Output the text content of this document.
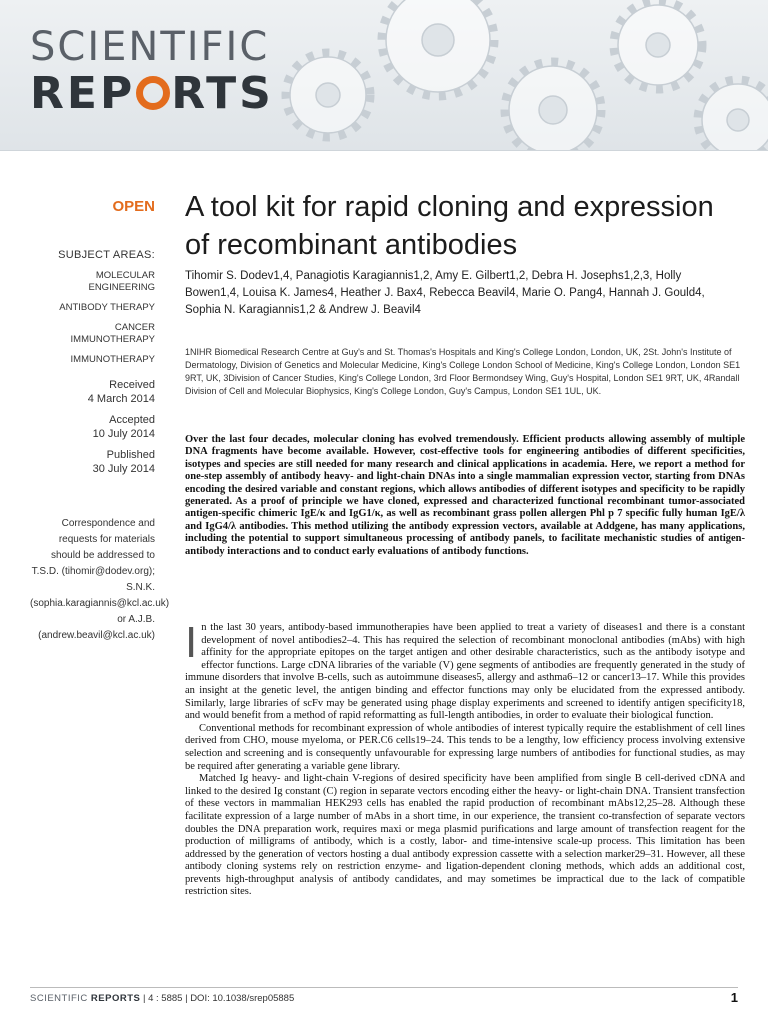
SCIENTIFIC
REP RTS
OPEN
SUBJECT AREAS:
MOLECULAR ENGINEERING
ANTIBODY THERAPY
CANCER IMMUNOTHERAPY
IMMUNOTHERAPY
Received
4 March 2014
Accepted
10 July 2014
Published
30 July 2014
Correspondence and requests for materials should be addressed to T.S.D. (tihomir@dodev.org); S.N.K. (sophia.karagiannis@kcl.ac.uk) or A.J.B. (andrew.beavil@kcl.ac.uk)
A tool kit for rapid cloning and expression of recombinant antibodies
Tihomir S. Dodev1,4, Panagiotis Karagiannis1,2, Amy E. Gilbert1,2, Debra H. Josephs1,2,3, Holly Bowen1,4, Louisa K. James4, Heather J. Bax4, Rebecca Beavil4, Marie O. Pang4, Hannah J. Gould4, Sophia N. Karagiannis1,2 & Andrew J. Beavil4
1NIHR Biomedical Research Centre at Guy's and St. Thomas's Hospitals and King's College London, London, UK, 2St. John's Institute of Dermatology, Division of Genetics and Molecular Medicine, King's College London School of Medicine, King's College London, London SE1 9RT, UK, 3Division of Cancer Studies, King's College London, 3rd Floor Bermondsey Wing, Guy's Hospital, London SE1 9RT, UK, 4Randall Division of Cell and Molecular Biophysics, King's College London, Guy's Campus, London SE1 1UL, UK.
Over the last four decades, molecular cloning has evolved tremendously. Efficient products allowing assembly of multiple DNA fragments have become available. However, cost-effective tools for engineering antibodies of different specificities, isotypes and species are still needed for many research and clinical applications in academia. Here, we report a method for one-step assembly of antibody heavy- and light-chain DNAs into a single mammalian expression vector, starting from DNAs encoding the desired variable and constant regions, which allows antibodies of different isotypes and specificity to be rapidly generated. As a proof of principle we have cloned, expressed and characterized functional recombinant tumor-associated antigen-specific chimeric IgE/κ and IgG1/κ, as well as recombinant grass pollen allergen Phl p 7 specific fully human IgE/λ and IgG4/λ antibodies. This method utilizing the antibody expression vectors, available at Addgene, has many applications, including the potential to support simultaneous processing of antibody panels, to facilitate mechanistic studies of antigen-antibody interactions and to conduct early evaluations of antibody functions.

In the last 30 years, antibody-based immunotherapies have been applied to treat a variety of diseases1 and there is a constant development of novel antibodies2–4. This has required the selection of recombinant monoclonal antibodies (mAbs) with high affinity for the appropriate epitopes on the target antigen and other desirable characteristics, such as the antibody isotype and effector functions. Large cDNA libraries of the variable (V) gene segments of antibodies are frequently generated in the study of immune disorders that involve B-cells, such as autoimmune diseases5, allergy and asthma6–12 or cancer13–17. While this provides an insight at the genetic level, the antigen binding and effector functions may only be elucidated from the expressed antibody. Similarly, large libraries of scFv may be generated using phage display experiments and screened to identify antigen specificity18, and would benefit from a method of rapid reformatting as full-length antibodies, in order to evaluate their biological function.

Conventional methods for recombinant expression of whole antibodies of interest typically require the establishment of cell lines derived from CHO, mouse myeloma, or PER.C6 cells19–24. This tends to be a lengthy, low efficiency process involving extensive selection and screening and is consequently unfavourable for expressing large numbers of antibodies for functional studies, as may be required after generating a variable gene library.

Matched Ig heavy- and light-chain V-regions of desired specificity have been amplified from single B cell-derived cDNA and linked to the desired Ig constant (C) region in separate vectors encoding either the heavy- or light-chain DNA. Transient transfection of these vectors in mammalian HEK293 cells has enabled the rapid production of recombinant mAbs12,25–28. Although these facilitate expression of a large number of mAbs in a short time, in our experience, the transient co-transfection of separate vectors doubles the DNA preparation work, requires maxi or mega plasmid purifications and large amount of transfection reagent for the production of milligrams of antibody, which is a costly, labor- and time-intensive scale-up process. This limitation has been addressed by the generation of vectors hosting a dual antibody expression cassette with a selection marker29–31. However, all these antibody cloning systems rely on restriction enzyme- and ligation-dependent cloning methods, which adds an additional cost, prevents high-throughput analysis of antibody candidates, and may sometimes be impractical due to the lack of compatible restriction sites.

SCIENTIFIC REPORTS | 4 : 5885 | DOI: 10.1038/srep05885	1
